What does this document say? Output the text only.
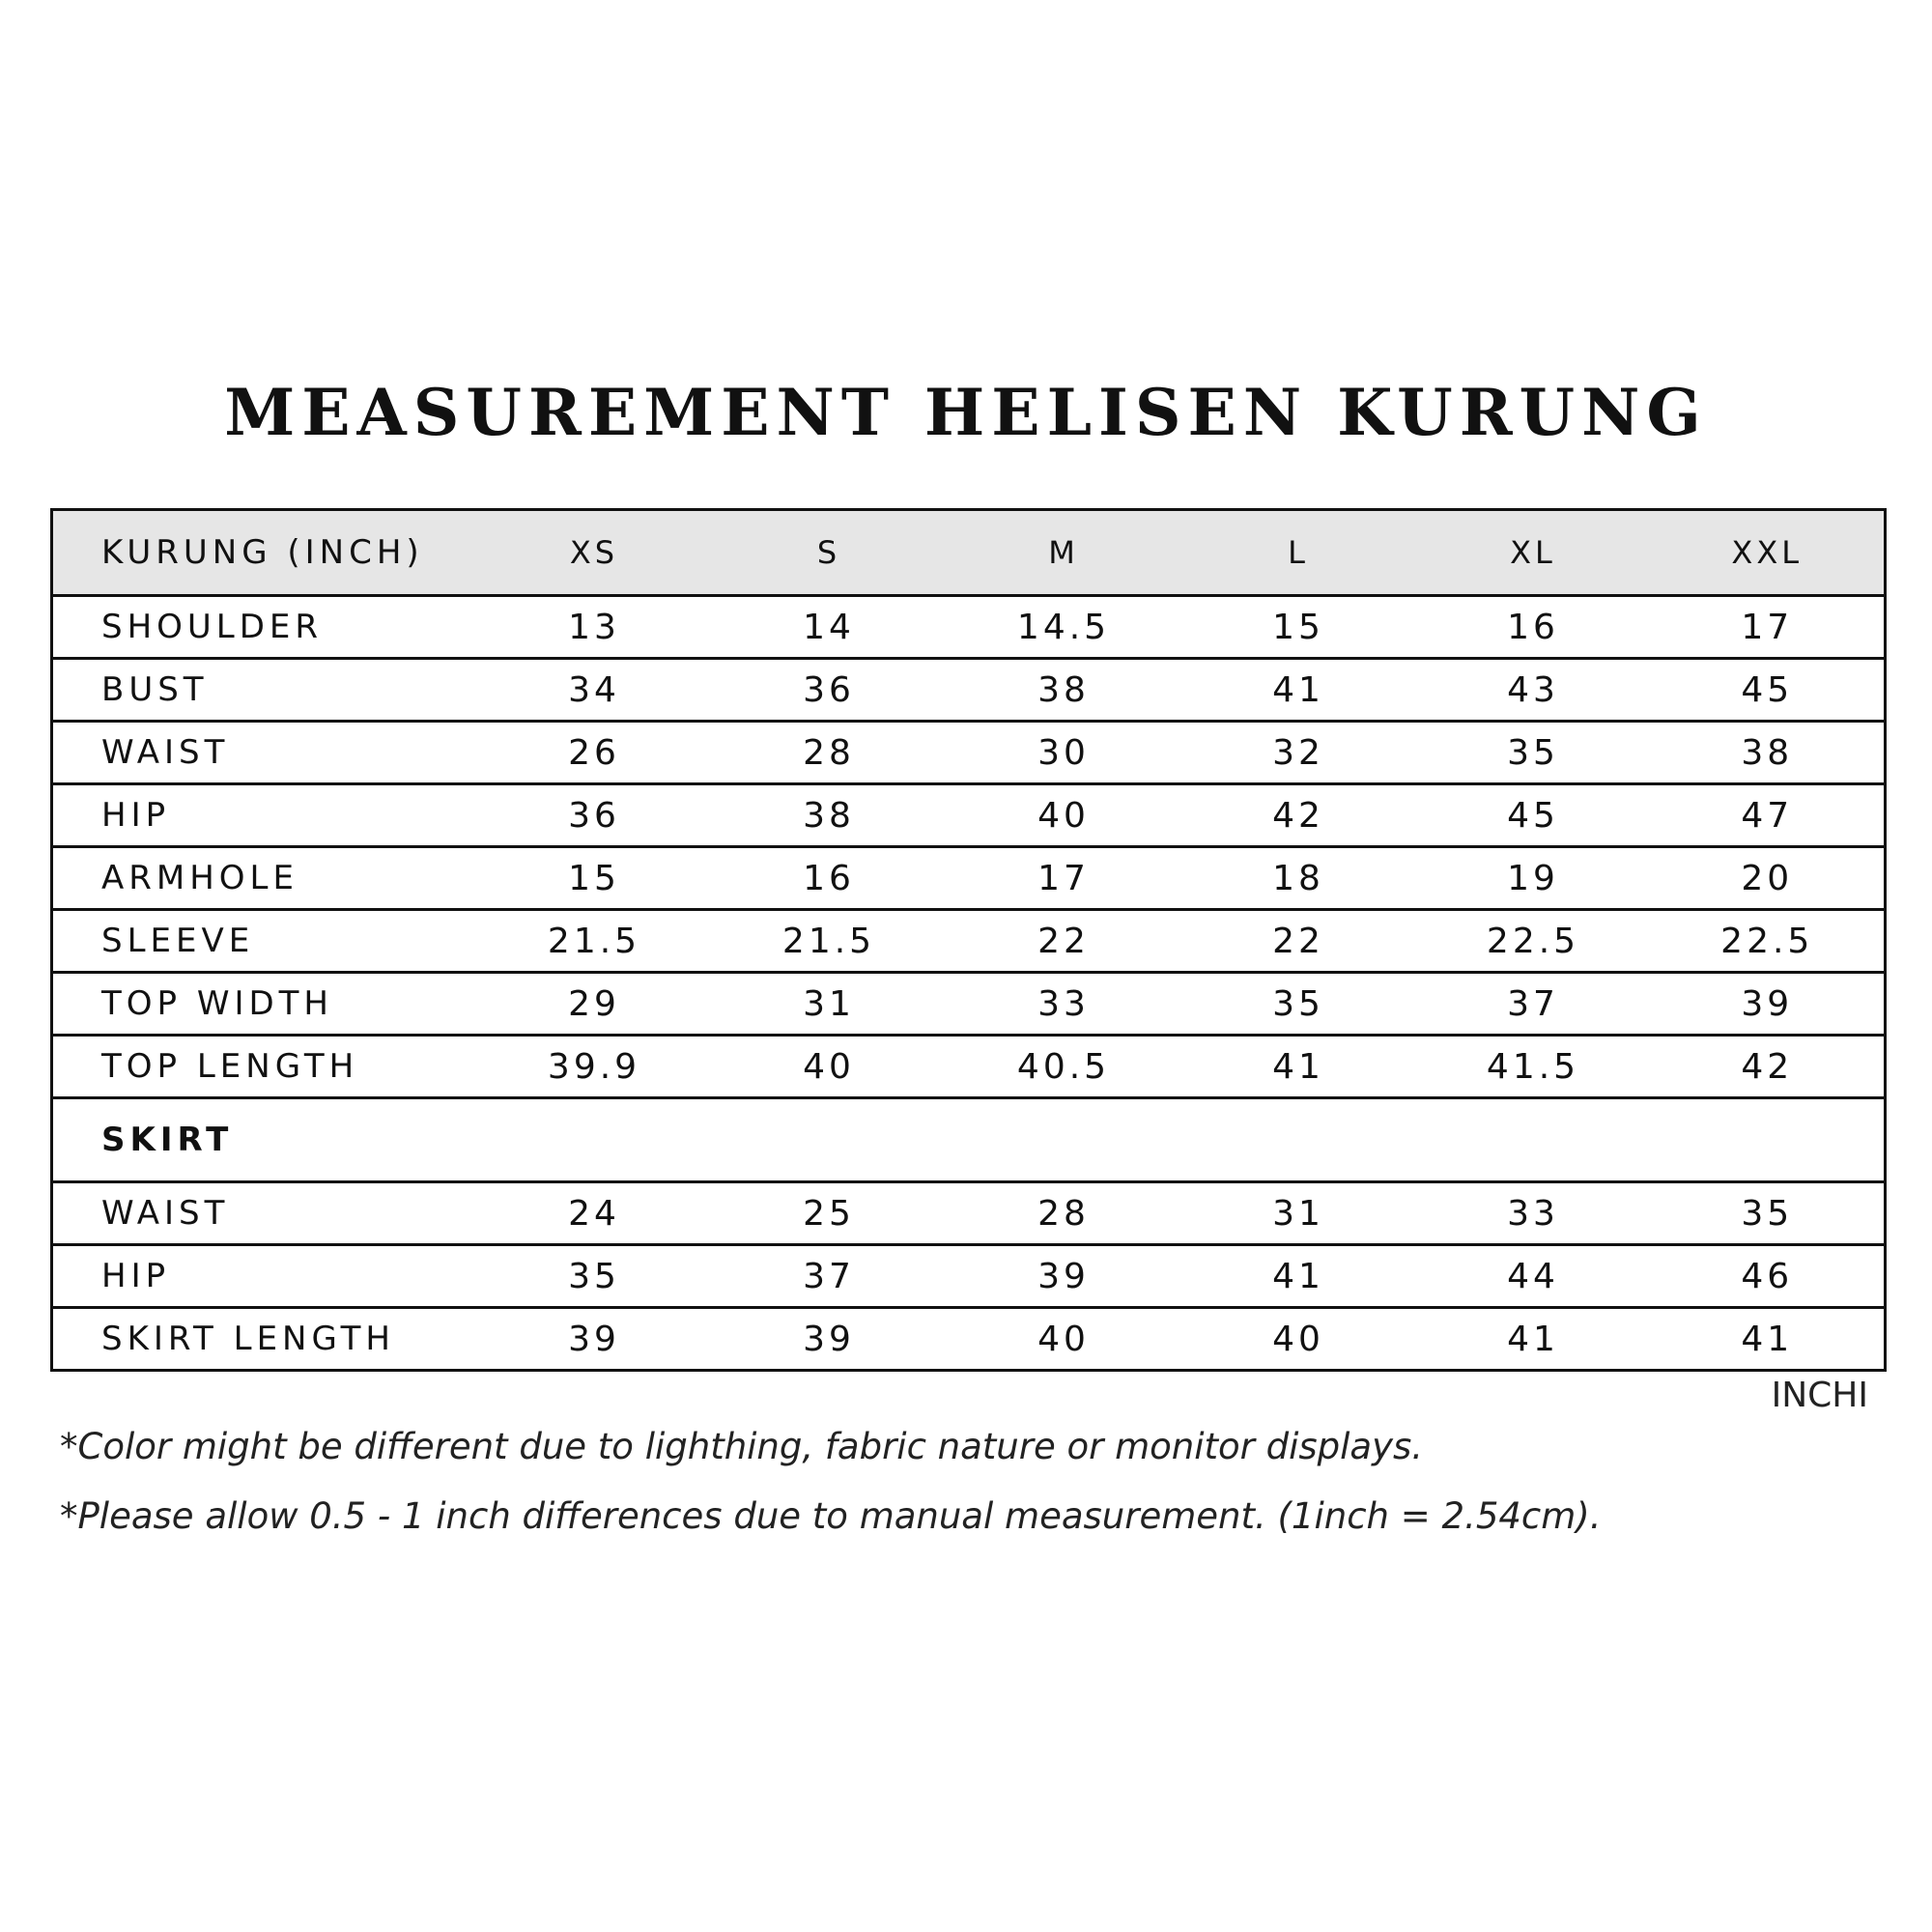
MEASUREMENT HELISEN KURUNG
KURUNG (INCH)	XS	S	M	L	XL	XXL
SHOULDER	13	14	14.5	15	16	17
BUST	34	36	38	41	43	45
WAIST	26	28	30	32	35	38
HIP	36	38	40	42	45	47
ARMHOLE	15	16	17	18	19	20
SLEEVE	21.5	21.5	22	22	22.5	22.5
TOP WIDTH	29	31	33	35	37	39
TOP LENGTH	39.9	40	40.5	41	41.5	42
SKIRT						
WAIST	24	25	28	31	33	35
HIP	35	37	39	41	44	46
SKIRT LENGTH	39	39	40	40	41	41
INCHI
*Color might be different due to lighthing, fabric nature or monitor displays.
*Please allow 0.5 - 1 inch differences due to manual measurement. (1inch = 2.54cm).
